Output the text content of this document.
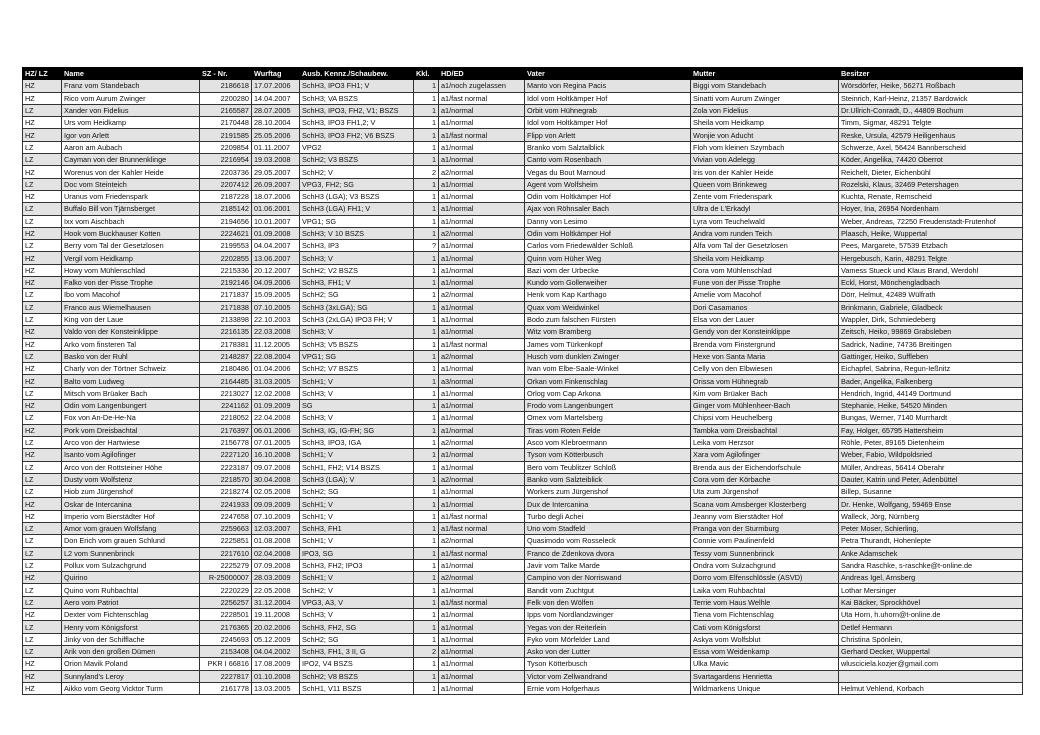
HZ/ LZ	Name	SZ - Nr.	Wurftag	Ausb. Kennz./Schaubew.	Kkl.	HD/ED	Vater	Mutter	Besitzer
HZ	Franz vom Standebach	2186618	17.07.2006	SchH3, IPO3 FH1; V	1	a1/noch zugelassen	Manto von Regina Pacis	Biggi vom Standebach	Wörsdörfer, Heike, 56271 Roßbach
HZ	Rico vom Aurum Zwinger	2200280	14.04.2007	SchH3; VA BSZS	1	a1/fast normal	Idol vom Holtkämper Hof	Sinatti vom Aurum Zwinger	Steinrich, Karl-Heinz, 21357 Bardowick
LZ	Xander von Fidelius	2165587	28.07.2005	SchH3, IPO3, FH2, V1; BSZS	1	a1/normal	Orbit vom Hühnegrab	Zola von Fidelius	Dr.Ullrich-Conradt, D., 44809 Bochum
HZ	Urs vom Heidkamp	2170448	28.10.2004	SchH3, IPO3 FH1,2; V	1	a1/normal	Idol vom Holtkämper Hof	Sheila vom Heidkamp	Timm, Sigmar, 48291 Telgte
HZ	Igor von Arlett	2191585	25.05.2006	SchH3, IPO3 FH2; V6 BSZS	1	a1/fast normal	Flipp von Arlett	Wonjie von Aducht	Reske, Ursula, 42579 Heiligenhaus
LZ	Aaron am Aubach	2209854	01.11.2007	VPG2	1	a1/normal	Branko vom Salztalblick	Floh vom kleinen Szymbach	Schwerze, Axel, 56424 Bannberscheid
LZ	Cayman von der Brunnenklinge	2216954	19.03.2008	SchH2; V3 BSZS	1	a1/normal	Canto vom Rosenbach	Vivian von Adelegg	Köder, Angelika, 74420 Oberrot
HZ	Worenus von der Kahler Heide	2203736	29.05.2007	SchH2; V	2	a2/normal	Vegas du Bout Marnoud	Iris von der Kahler Heide	Reichelt, Dieter, Eichenbühl
LZ	Doc vom Steinteich	2207412	26.09.2007	VPG3, FH2; SG	1	a1/normal	Agent vom Wolfsheim	Queen vom Brinkeweg	Rozelski, Klaus, 32469 Petershagen
HZ	Uranus vom Friedenspark	2187228	18.07.2006	SchH3 (LGA); V3 BSZS	1	a1/normal	Odin vom Holtkämper Hof	Zente vom Friedenspark	Kuchta, Renate, Remscheid
LZ	Buffalo Bill von Tjärnsberget	2185142	01.06.2001	SchH3 (LGA) FH1; V	1	a1/normal	Ajax von Röhnsaler Bach	Ultra de L'Erkadyl	Hoyer, Ina, 26954 Nordenham
LZ	Ixx vom Aischbach	2194656	10.01.2007	VPG1; SG	1	a1/normal	Danny von Lesimo	Lyra vom Teuchelwald	Weber, Andreas, 72250 Freudenstadt-Frutenhof
HZ	Hook vom Buckhauser Kotten	2224621	01.09.2008	SchH3; V 10 BSZS	1	a2/normal	Odin vom Holtkämper Hof	Andra vom runden Teich	Plaasch, Heike, Wuppertal
LZ	Berry vom Tal der Gesetzlosen	2199553	04.04.2007	SchH3, IP3	?	a1/normal	Carlos vom Friedewälder Schloß	Alfa vom Tal der Gesetzlosen	Pees, Margarete, 57539 Etzbach
HZ	Vergil vom Heidkamp	2202855	13.06.2007	SchH3; V	1	a1/normal	Quinn vom Hüher Weg	Sheila vom Heidkamp	Hergebusch, Karin, 48291 Telgte
HZ	Howy vom Mühlenschlad	2215336	20.12.2007	SchH2; V2 BSZS	1	a1/normal	Bazi vom der Urbecke	Cora vom Mühlenschlad	Vamess Stueck und Klaus Brand, Werdohl
HZ	Falko von der Pisse Trophe	2192146	04.09.2006	SchH3, FH1; V	1	a1/normal	Kundo vom Gollerweiher	Fune von der Pisse Trophe	Eckl, Horst, Mönchengladbach
LZ	Ibo vom Macohof	2171837	15.09.2005	SchH2; SG	1	a2/normal	Henk vom Kap Karthago	Amelie vom Macohof	Dörr, Helmut, 42489 Wülfrath
LZ	Franco aus Wiemelhausen	2171838	07.10.2005	SchH3 (3xLGA); SG	1	a1/normal	Quax vom Weidwinkel	Dori Casamanos	Brinkmann, Gabriele, Gladbeck
LZ	King von der Laue	2133898	22.10.2003	SchH3 (2xLGA) IPO3 FH; V	1	a1/normal	Bodo zum falschen Fürsten	Elsa von der Lauer	Wappler, Dirk, Schmiedeberg
HZ	Valdo von der Konsteinklippe	2216135	22.03.2008	SchH3; V	1	a1/normal	Witz vom Bramberg	Gendy von der Konsteinklippe	Zeitsch, Heiko, 99869 Grabsleben
HZ	Arko vom finsteren Tal	2178381	11.12.2005	SchH3; V5 BSZS	1	a1/fast normal	James vom Türkenkopf	Brenda vom Finstergrund	Sadrick, Nadine, 74736 Breitingen
LZ	Basko von der Ruhl	2148287	22.08.2004	VPG1; SG	1	a2/normal	Husch vom dunklen Zwinger	Hexe von Santa Maria	Gattinger, Heiko, Suffleben
HZ	Charly von der Törtner Schweiz	2180486	01.04.2006	SchH2; V7 BSZS	1	a1/normal	Ivan vom Elbe-Saale-Winkel	Celly von den Elbwiesen	Eichapfel, Sabrina, Regun-Ießnitz
HZ	Balto vom Ludweg	2164485	31.03.2005	SchH1; V	1	a3/normal	Orkan vom Finkenschlag	Orissa vom Hühnegrab	Bader, Angelika, Falkenberg
LZ	Mitsch vom Brüaker Bach	2213027	12.02.2008	SchH3; V	1	a1/normal	Orlog vom Cap Arkona	Kim vom Brüaker Bach	Hendrich, Ingrid, 44149 Dortmund
HZ	Odin vom Langenbungert	2241162	01.09.2009	SG	1	a1/normal	Frodo vom Langenbungert	Ginger vom Mühlenheer-Bach	Stephanie, Heike, 54520 Minden
LZ	Fox von An-De-He-Na	2218052	22.04.2008	SchH3; V	1	a1/normal	Omex vom Martelsberg	Chipsi vom Heuchelberg	Bungas, Werner, 7140 Murrhardt
HZ	Pork vom Dreisbachtal	2176397	06.01.2006	SchH3, IG, IG-FH; SG	1	a1/normal	Tiras vom Roten Felde	Tambka vom Dreisbachtal	Fay, Holger, 65795 Hattersheim
LZ	Arco von der Hartwiese	2156778	07.01.2005	SchH3, IPO3, IGA	1	a2/normal	Asco vom Klebroermann	Leika vom Herzsor	Röhle, Peter, 89165 Dietenheim
HZ	Isanto vom Agilofinger	2227120	16.10.2008	SchH1; V	1	a1/normal	Tyson vom Kötterbusch	Xara vom Agilofinger	Weber, Fabio, Wildpoldsried
LZ	Arco von der Rottsteiner Höhe	2223187	09.07.2008	SchH1, FH2; V14 BSZS	1	a1/normal	Bero vom Teublitzer Schloß	Brenda aus der Eichendorfschule	Müller, Andreas, 56414 Oberahr
LZ	Dusty vom Wolfstenz	2218570	30.04.2008	SchH3 (LGA); V	1	a2/normal	Banko vom Salzteiblick	Cora vom der Körbache	Dauter, Katrin und Peter, Adenbüttel
LZ	Hiob zum Jürgenshof	2218274	02.05.2008	SchH2; SG	1	a1/normal	Workers zum Jürgenshof	Uta zum Jürgenshof	Billep, Susanne
HZ	Oskar de Intercanina	2241933	09.09.2009	SchH1; V	1	a1/normal	Dux de Intercanina	Scana vom Amsberger Klosterberg	Dr. Henke, Wolfgang, 59469 Ense
HZ	Imperio vom Bierstädter Hof	2247658	07.10.2009	SchH1; V	1	a1/fast normal	Turbo degli Achei	Jeanny vom Bierstädter Hof	Walleck, Jörg, Nürnberg
LZ	Amor vom grauen Wolfsfang	2259663	12.03.2007	SchH3, FH1	1	a1/fast normal	Uno vom Stadfeld	Pranga von der Sturmburg	Peter Moser, Schierling,
LZ	Don Erich vom grauen Schlund	2225851	01.08.2008	SchH1; V	1	a2/normal	Quasimodo vom Rosseleck	Connie vom Paulinenfeld	Petra Thurandt, Hohenlepte
LZ	L2 vom Sunnenbrinck	2217610	02.04.2008	IPO3, SG	1	a1/fast normal	Franco de Zdenkova dvora	Tessy vom Sunnenbrinck	Anke Adamschek
LZ	Pollux vom Sulzachgrund	2225279	07.09.2008	SchH3, FH2; IPO3	1	a1/normal	Javir vom Talke Marde	Ondra vom Sulzachgrund	Sandra Raschke, s-raschke@t-online.de
HZ	Quirino	R-25000007	28.03.2009	SchH1; V	1	a2/normal	Campino von der Norriswand	Dorro vom Elfenschlössle (ASVD)	Andreas Igel, Arnsberg
LZ	Quino vom Ruhbachtal	2220229	22.05.2008	SchH2; V	1	a1/normal	Bandit vom Zuchtgut	Laika vom Ruhbachtal	Lothar Mersinger
LZ	Aero vom Patriot	2256257	31.12.2004	VPG3, A3, V	1	a1/fast normal	Felk von den Wölfen	Terrie vom Haus Welhle	Kai Bäcker, Sprockhövel
HZ	Dexter vom Fichtenschlag	2228501	19.11.2008	SchH3; V	1	a1/normal	Ipps vom Nordlandzwinger	Tiena vom Fichtenschlag	Uta Horn, h.uhorn@t-online.de
LZ	Henry vom Königsforst	2176365	20.02.2006	SchH3, FH2, SG	1	a1/normal	Yegas von der Reiterlein	Cati vom Königsforst	Detlef Hermann
LZ	Jinky von der Schifflache	2245693	05.12.2009	SchH2; SG	1	a1/normal	Fyko vom Mörfelder Land	Askya vom Wolfsblut	Christina Spönlein,
LZ	Arik von den großen Dümen	2153408	04.04.2002	SchH3, FH1, 3 II, G	2	a1/normal	Asko von der Lutter	Essa vom Weidenkamp	Gerhard Decker, Wuppertal
HZ	Orion Mavik Poland	PKR I 66816	17.08.2009	IPO2, V4 BSZS	1	a1/normal	Tyson Kötterbusch	Ulka Mavic	wlusciciela.kozjer@gmail.com
HZ	Sunnyland's Leroy	2227817	01.10.2008	SchH2; V8 BSZS	1	a1/normal	Victor vom Zellwandrand	Svartagardens Henrietta	
HZ	Aikko vom Georg Vicktor Turm	2161778	13.03.2005	SchH1, V11 BSZS	1	a1/normal	Ernie vom Hofgerhaus	Wildmarkens Unique	Helmut Vehlend, Korbach
